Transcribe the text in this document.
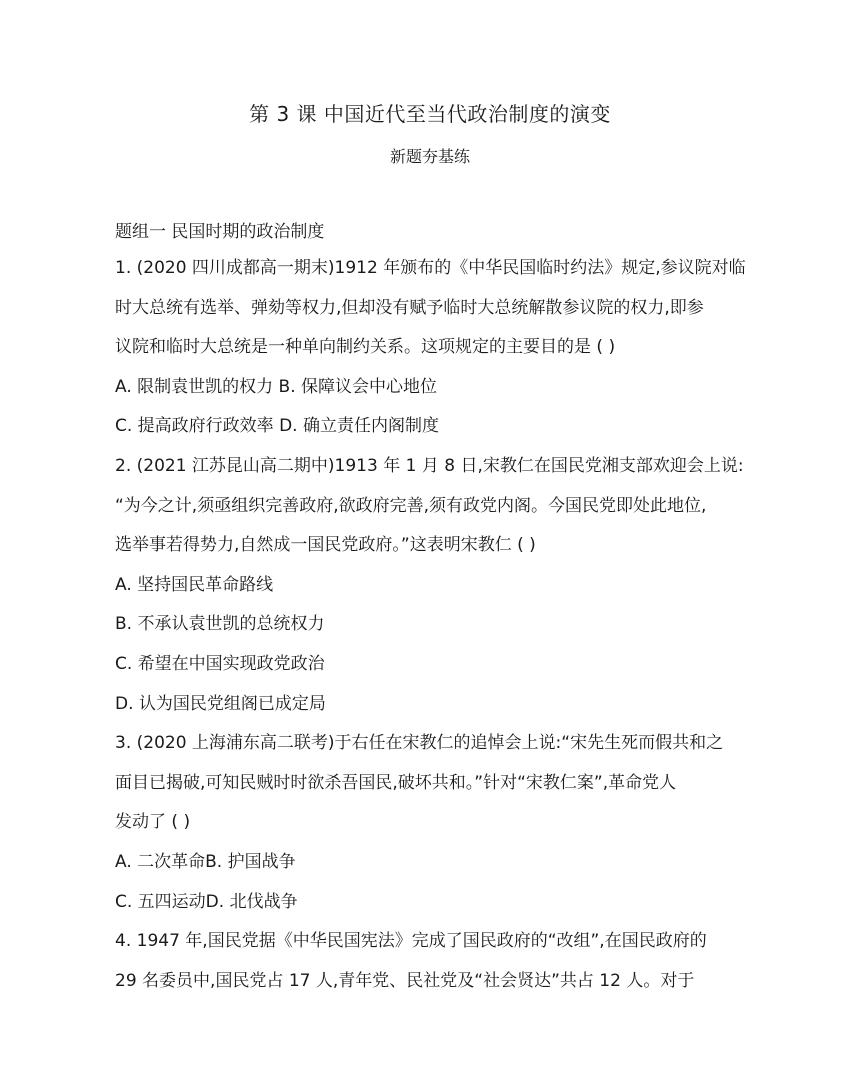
第 3 课 中国近代至当代政治制度的演变
新题夯基练
题组一 民国时期的政治制度
1. (2020 四川成都高一期末)1912 年颁布的《中华民国临时约法》规定,参议院对临
时大总统有选举、弹劾等权力,但却没有赋予临时大总统解散参议院的权力,即参
议院和临时大总统是一种单向制约关系。这项规定的主要目的是 ( )
A. 限制袁世凯的权力 B. 保障议会中心地位
C. 提高政府行政效率 D. 确立责任内阁制度
2. (2021 江苏昆山高二期中)1913 年 1 月 8 日,宋教仁在国民党湘支部欢迎会上说:
“为今之计,须亟组织完善政府,欲政府完善,须有政党内阁。今国民党即处此地位,
选举事若得势力,自然成一国民党政府。”这表明宋教仁 ( )
A. 坚持国民革命路线
B. 不承认袁世凯的总统权力
C. 希望在中国实现政党政治
D. 认为国民党组阁已成定局
3. (2020 上海浦东高二联考)于右任在宋教仁的追悼会上说:“宋先生死而假共和之
面目已揭破,可知民贼时时欲杀吾国民,破坏共和。”针对“宋教仁案”,革命党人
发动了 ( )
A. 二次革命B. 护国战争
C. 五四运动D. 北伐战争
4. 1947 年,国民党据《中华民国宪法》完成了国民政府的“改组”,在国民政府的
29 名委员中,国民党占 17 人,青年党、民社党及“社会贤达”共占 12 人。对于
